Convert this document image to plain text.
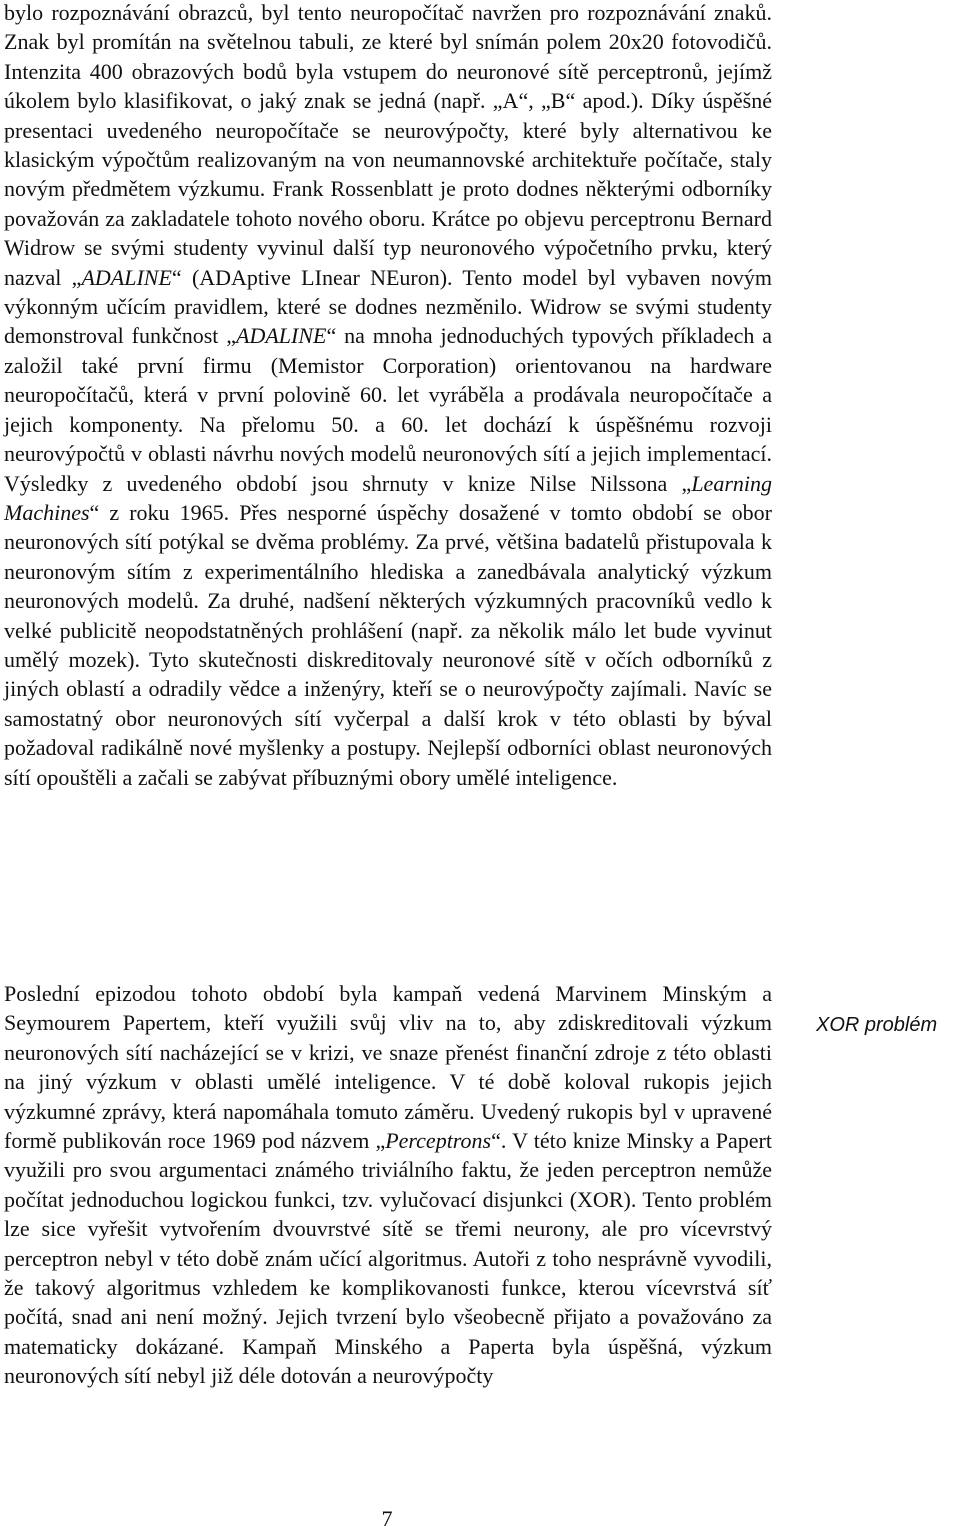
bylo rozpoznávání obrazců, byl tento neuropočítač navržen pro rozpoznávání znaků. Znak byl promítán na světelnou tabuli, ze které byl snímán polem 20x20 fotovodičů. Intenzita 400 obrazových bodů byla vstupem do neuronové sítě perceptronů, jejímž úkolem bylo klasifikovat, o jaký znak se jedná (např. „A“, „B“ apod.). Díky úspěšné presentaci uvedeného neuropočítače se neurovýpočty, které byly alternativou ke klasickým výpočtům realizovaným na von neumannovské architektuře počítače, staly novým předmětem výzkumu. Frank Rossenblatt je proto dodnes některými odborníky považován za zakladatele tohoto nového oboru. Krátce po objevu perceptronu Bernard Widrow se svými studenty vyvinul další typ neuronového výpočetního prvku, který nazval „ADALINE“ (ADAptive LInear NEuron). Tento model byl vybaven novým výkonným učícím pravidlem, které se dodnes nezměnilo. Widrow se svými studenty demonstroval funkčnost „ADALINE“ na mnoha jednoduchých typových příkladech a založil také první firmu (Memistor Corporation) orientovanou na hardware neuropočítačů, která v první polovině 60. let vyráběla a prodávala neuropočítače a jejich komponenty. Na přelomu 50. a 60. let dochází k úspěšnému rozvoji neurovýpočtů v oblasti návrhu nových modelů neuronových sítí a jejich implementací. Výsledky z uvedeného období jsou shrnuty v knize Nilse Nilssona „Learning Machines“ z roku 1965. Přes nesporné úspěchy dosažené v tomto období se obor neuronových sítí potýkal se dvěma problémy. Za prvé, většina badatelů přistupovala k neuronovým sítím z experimentálního hlediska a zanedbávala analytický výzkum neuronových modelů. Za druhé, nadšení některých výzkumných pracovníků vedlo k velké publicitě neopodstatněných prohlášení (např. za několik málo let bude vyvinut umělý mozek). Tyto skutečnosti diskreditovaly neuronové sítě v očích odborníků z jiných oblastí a odradily vědce a inženýry, kteří se o neurovýpočty zajímali. Navíc se samostatný obor neuronových sítí vyčerpal a další krok v této oblasti by býval požadoval radikálně nové myšlenky a postupy. Nejlepší odborníci oblast neuronových sítí opouštěli a začali se zabývat příbuznými obory umělé inteligence.

Poslední epizodou tohoto období byla kampaň vedená Marvinem Minským a Seymourem Papertem, kteří využili svůj vliv na to, aby zdiskreditovali výzkum neuronových sítí nacházející se v krizi, ve snaze přenést finanční zdroje z této oblasti na jiný výzkum v oblasti umělé inteligence. V té době koloval rukopis jejich výzkumné zprávy, která napomáhala tomuto záměru. Uvedený rukopis byl v upravené formě publikován roce 1969 pod názvem „Perceptrons“. V této knize Minsky a Papert využili pro svou argumentaci známého triviálního faktu, že jeden perceptron nemůže počítat jednoduchou logickou funkci, tzv. vylučovací disjunkci (XOR). Tento problém lze sice vyřešit vytvořením dvouvrstvé sítě se třemi neurony, ale pro vícevrstvý perceptron nebyl v této době znám učící algoritmus. Autoři z toho nesprávně vyvodili, že takový algoritmus vzhledem ke komplikovanosti funkce, kterou vícevrstvá síť počítá, snad ani není možný. Jejich tvrzení bylo všeobecně přijato a považováno za matematicky dokázané. Kampaň Minského a Paperta byla úspěšná, výzkum neuronových sítí nebyl již déle dotován a neurovýpočty

XOR problém

7
